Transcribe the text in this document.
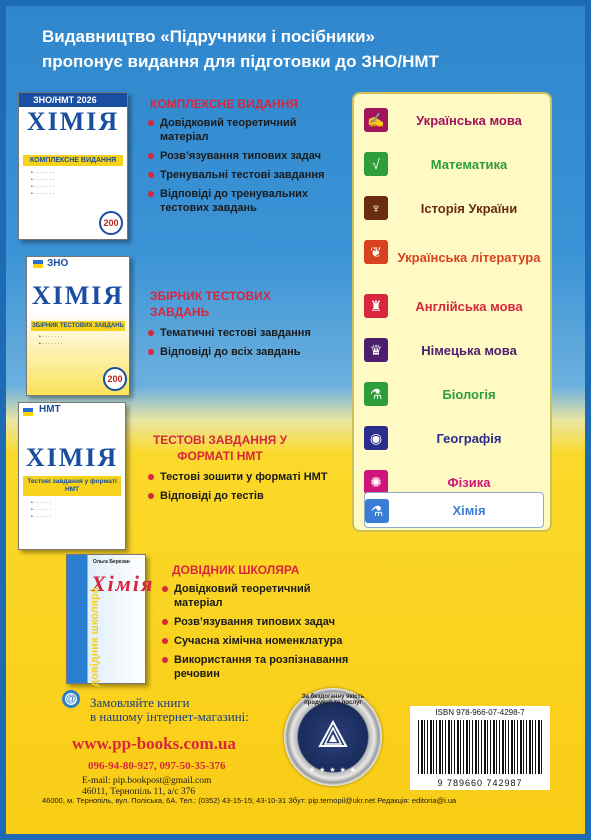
Видавництво «Підручники і посібники»
пропонує видання для підготовки до ЗНО/НМТ
ЗНО/НМТ 2026
ХІМІЯ
КОМПЛЕКСНЕ ВИДАННЯ
• · · · · · · ·
• · · · · · · ·
• · · · · · · ·
• · · · · · · ·
200
ЗНО
ХІМІЯ
ЗБІРНИК ТЕСТОВИХ ЗАВДАНЬ
• · · · · · · ·
• · · · · · · ·
200
НМТ
ХІМІЯ
Тестові завдання у форматі НМТ
• · · · · · ·
• · · · · · ·
• · · · · · ·
Ольга Березан
Хімія
довідник школяра
КОМПЛЕКСНЕ ВИДАННЯ
Довідковий теоретичний матеріал
Розв’язування типових задач
Тренувальні тестові завдання
Відповіді до тренувальних тестових завдань
ЗБІРНИК ТЕСТОВИХ ЗАВДАНЬ
Тематичні тестові завдання
Відповіді до всіх завдань
ТЕСТОВІ ЗАВДАННЯ У ФОРМАТІ НМТ
Тестові зошити у форматі НМТ
Відповіді до тестів
ДОВІДНИК ШКОЛЯРА
Довідковий теоретичний матеріал
Розв’язування типових задач
Сучасна хімічна номенклатура
Використання та розпізнавання речовин
✍	Українська мова
√	Математика
♆	Історія України
❦	Українська література
♜	Англійська мова
♛	Німецька мова
⚗	Біологія
◉	Географія
✺	Фізика
⚗	Хімія
@ Замовляйте книги
в нашому інтернет-магазині:
www.pp-books.com.ua
096-94-80-927, 097-50-35-376
E-mail: pip.bookpost@gmail.com
46011, Тернопіль 11, а/с 376
За бездоганну якість продукції та послуг
★ ★ ★ ★ ★
ISBN 978-966-07-4298-7
9 789660 742987
46000, м. Тернопіль, вул. Поліська, 6А. Тел.: (0352) 43-15-15; 43-10-31 Збут: pip.ternopil@ukr.net Редакція: editoria@i.ua
